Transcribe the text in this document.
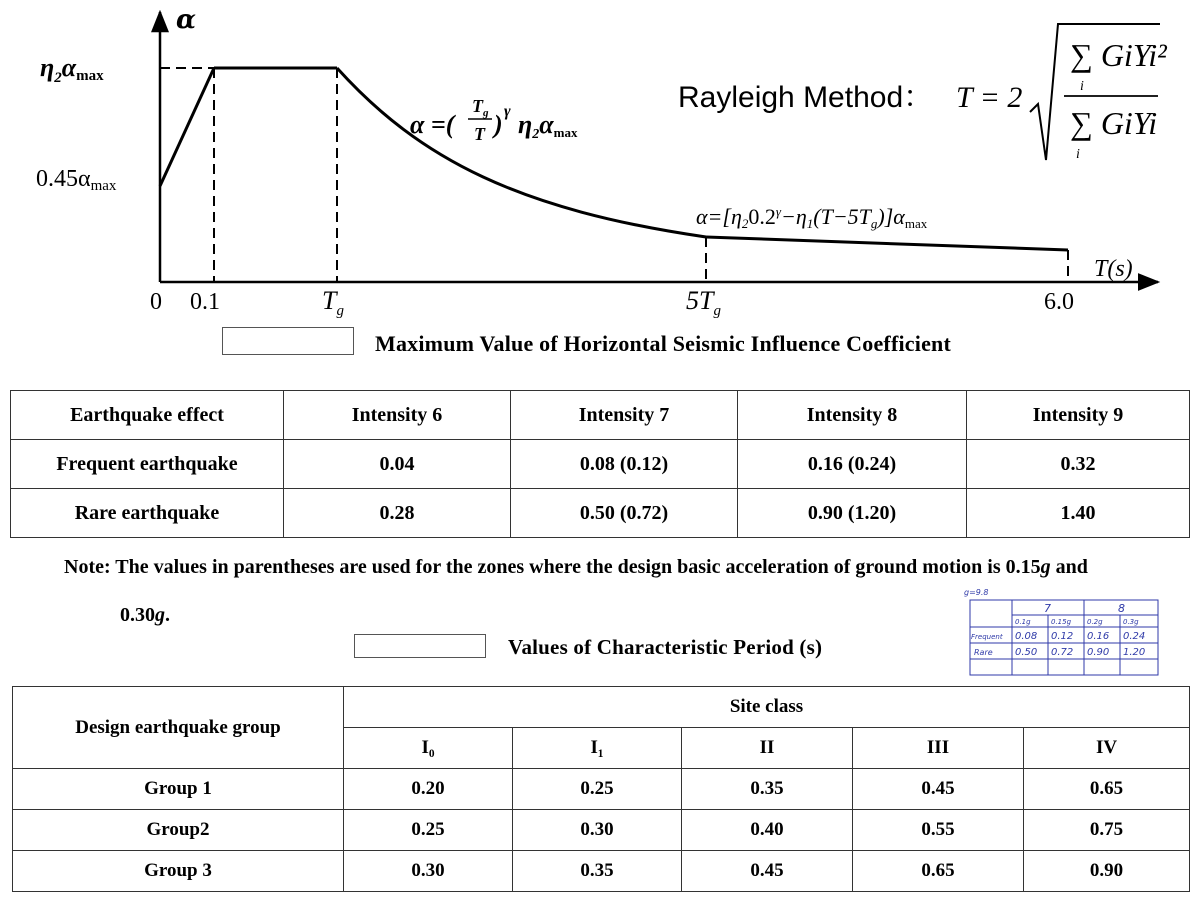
α
T(s)
$\eta_2\alpha\max$
0.45αmax
0 0.1	$T_g$	$5T_g$	6.0
α =(
$T_g$
T ) γ η2αmax
$\alpha=[\eta 20.2^\gamma-\eta 1(T-5Tg)]\alpha\max$
Rayleigh Method： T = 2
∑ GiYi²
i
∑ GiYi
i
Maximum Value of Horizontal Seismic Influence Coefficient
Earthquake effect	Intensity 6	Intensity 7	Intensity 8	Intensity 9
Frequent earthquake	0.04	0.08 (0.12)	0.16 (0.24)	0.32
Rare earthquake	0.28	0.50 (0.72)	0.90 (1.20)	1.40
Note: The values in parentheses are used for the zones where the design basic acceleration of ground motion is 0.15g and
0.30g.
g=9.8
7	8
0.1g	0.15g 0.2g	0.3g
Frequent 0.08 0.12 0.16 0.24
Rare 0.50 0.72 0.90 1.20
Values of Characteristic Period (s)
Design earthquake group	Site class				
	I₀	I₁	II	III	IV
Group 1	0.20	0.25	0.35	0.45	0.65
Group2	0.25	0.30	0.40	0.55	0.75
Group 3	0.30	0.35	0.45	0.65	0.90
